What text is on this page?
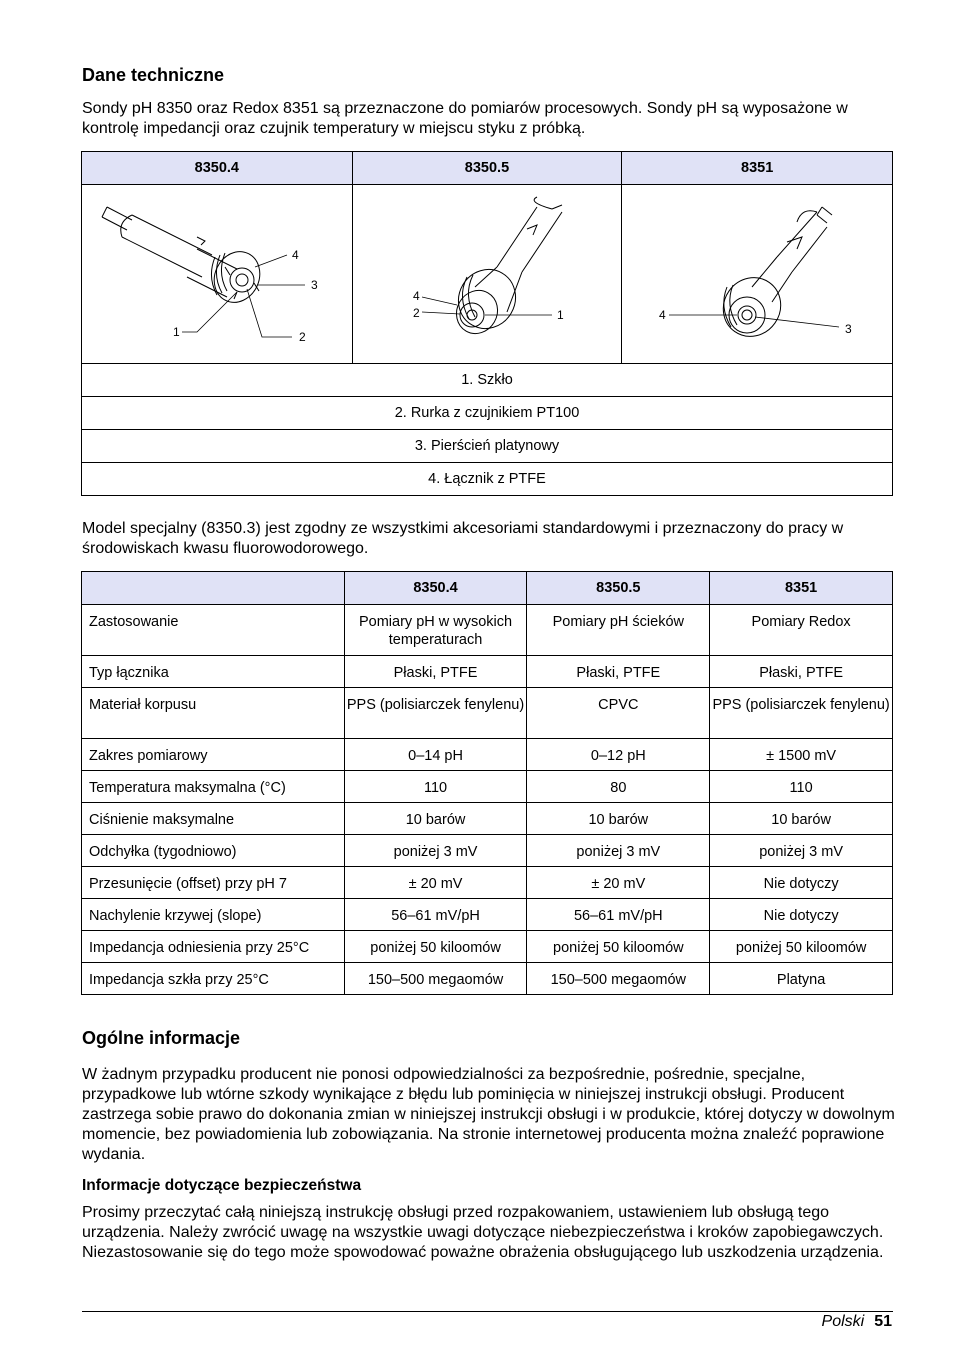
Dane techniczne

Sondy pH 8350 oraz Redox 8351 są przeznaczone do pomiarów procesowych. Sondy pH są wyposażone w kontrolę impedancji oraz czujnik temperatury w miejscu styku z próbką.

8350.4	8350.5	8351

4
3
1 2	4
2 1	4
3

1. Szkło		
2. Rurka z czujnikiem PT100		
3. Pierścień platynowy		
4. Łącznik z PTFE		

Model specjalny (8350.3) jest zgodny ze wszystkimi akcesoriami standardowymi i przeznaczony do pracy w środowiskach kwasu fluorowodorowego.

	8350.4	8350.5	8351
Zastosowanie	Pomiary pH w wysokich temperaturach	Pomiary pH ścieków	Pomiary Redox
Typ łącznika	Płaski, PTFE	Płaski, PTFE	Płaski, PTFE
Materiał korpusu	PPS (polisiarczek fenylenu)	CPVC	PPS (polisiarczek fenylenu)
Zakres pomiarowy	0–14 pH	0–12 pH	± 1500 mV
Temperatura maksymalna (°C)	110	80	110
Ciśnienie maksymalne	10 barów	10 barów	10 barów
Odchyłka (tygodniowo)	poniżej 3 mV	poniżej 3 mV	poniżej 3 mV
Przesunięcie (offset) przy pH 7	± 20 mV	± 20 mV	Nie dotyczy
Nachylenie krzywej (slope)	56–61 mV/pH	56–61 mV/pH	Nie dotyczy
Impedancja odniesienia przy 25°C	poniżej 50 kiloomów	poniżej 50 kiloomów	poniżej 50 kiloomów
Impedancja szkła przy 25°C	150–500 megaomów	150–500 megaomów	Platyna
Ogólne informacje

W żadnym przypadku producent nie ponosi odpowiedzialności za bezpośrednie, pośrednie, specjalne, przypadkowe lub wtórne szkody wynikające z błędu lub pominięcia w niniejszej instrukcji obsługi. Producent zastrzega sobie prawo do dokonania zmian w niniejszej instrukcji obsługi i w produkcie, której dotyczy w dowolnym momencie, bez powiadomienia lub zobowiązania. Na stronie internetowej producenta można znaleźć poprawione wydania.

Informacje dotyczące bezpieczeństwa

Prosimy przeczytać całą niniejszą instrukcję obsługi przed rozpakowaniem, ustawieniem lub obsługą tego urządzenia. Należy zwrócić uwagę na wszystkie uwagi dotyczące niebezpieczeństwa i kroków zapobiegawczych. Niezastosowanie się do tego może spowodować poważne obrażenia obsługującego lub uszkodzenia urządzenia.

Polski 51
